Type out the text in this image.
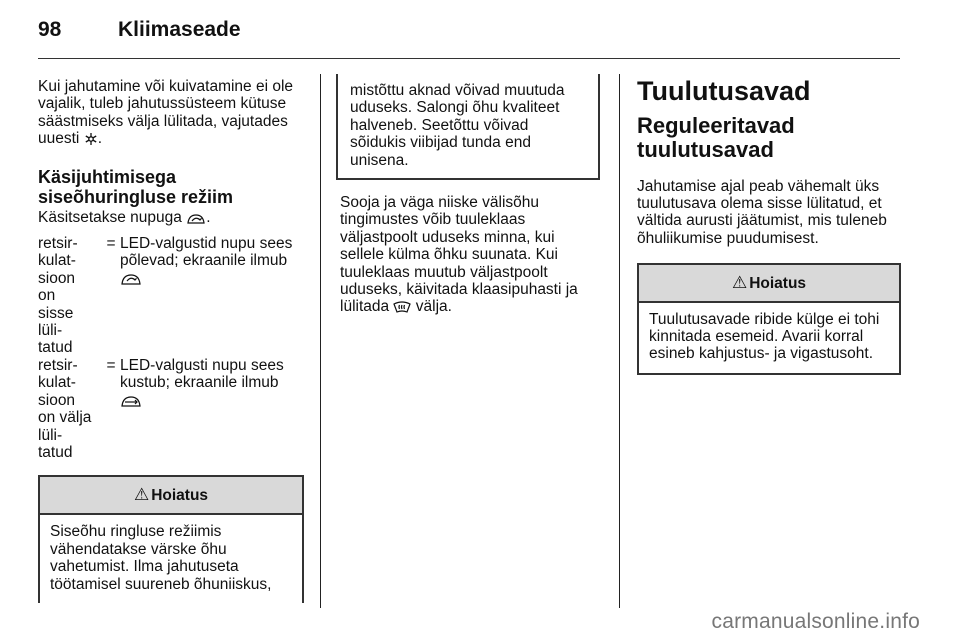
98	Kliimaseade

Kui jahutamine või kuivatamine ei ole vajalik, tuleb jahutussüsteem kütuse säästmiseks välja lülitada, vajutades uuesti .

Käsijuhtimisega
siseõhuringluse režiim

Käsitsetakse nupuga .

retsir-
kulat-
sioon
on
sisse
lüli-
tatud
= LED-valgustid nupu sees põlevad; ekraanile ilmub

retsir-
kulat-
sioon
on välja
lüli-
tatud
= LED-valgusti nupu sees kustub; ekraanile ilmub

⚠ Hoiatus
Siseõhu ringluse režiimis vähendatakse värske õhu vahetumist. Ilma jahutuseta töötamisel suureneb õhuniiskus,
mistõttu aknad võivad muutuda uduseks. Salongi õhu kvaliteet halveneb. Seetõttu võivad sõidukis viibijad tunda end unisena.

Sooja ja väga niiske välisõhu tingimustes võib tuuleklaas väljastpoolt uduseks minna, kui sellele külma õhku suunata. Kui tuuleklaas muutub väljastpoolt uduseks, käivitada klaasipuhasti ja lülitada välja.

Tuulutusavad
Reguleeritavad
tuulutusavad

Jahutamise ajal peab vähemalt üks tuulutusava olema sisse lülitatud, et vältida aurusti jäätumist, mis tuleneb õhuliikumise puudumisest.

⚠ Hoiatus
Tuulutusavade ribide külge ei tohi kinnitada esemeid. Avarii korral esineb kahjustus- ja vigastusoht.
carmanualsonline.info
